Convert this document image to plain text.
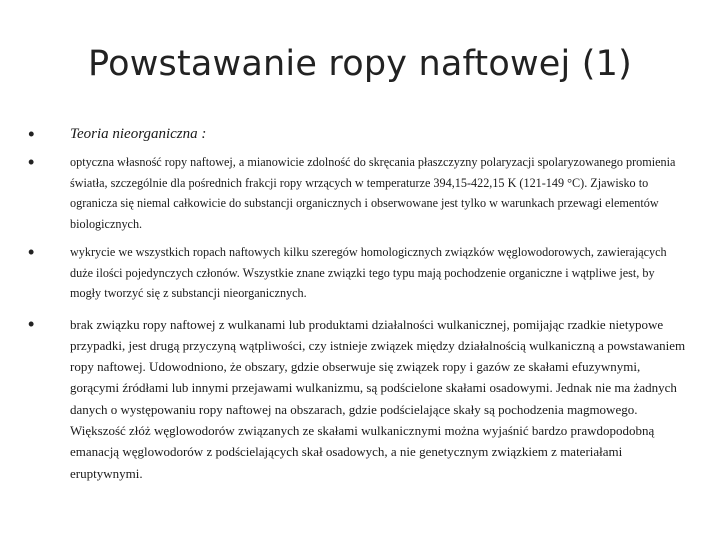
Powstawanie ropy naftowej (1)
• Teoria nieorganiczna :
•	optyczna własność ropy naftowej, a mianowicie zdolność do skręcania płaszczyzny polaryzacji spolaryzowanego promienia światła, szczególnie dla pośrednich frakcji ropy wrzących w temperaturze 394,15-422,15 K (121-149 °C). Zjawisko to ogranicza się niemal całkowicie do substancji organicznych i obserwowane jest tylko w warunkach przewagi elementów biologicznych.
•	wykrycie we wszystkich ropach naftowych kilku szeregów homologicznych związków węglowodorowych, zawierających duże ilości pojedynczych członów. Wszystkie znane związki tego typu mają pochodzenie organiczne i wątpliwe jest, by mogły tworzyć się z substancji nieorganicznych.
•	brak związku ropy naftowej z wulkanami lub produktami działalności wulkanicznej, pomijając rzadkie nietypowe przypadki, jest drugą przyczyną wątpliwości, czy istnieje związek między działalnością wulkaniczną a powstawaniem ropy naftowej. Udowodniono, że obszary, gdzie obserwuje się związek ropy i gazów ze skałami efuzywnymi, gorącymi źródłami lub innymi przejawami wulkanizmu, są podścielone skałami osadowymi. Jednak nie ma żadnych danych o występowaniu ropy naftowej na obszarach, gdzie podścielające skały są pochodzenia magmowego. Większość złóż węglowodorów związanych ze skałami wulkanicznymi można wyjaśnić bardzo prawdopodobną emanacją węglowodorów z podścielających skał osadowych, a nie genetycznym związkiem z materiałami eruptywnymi.
